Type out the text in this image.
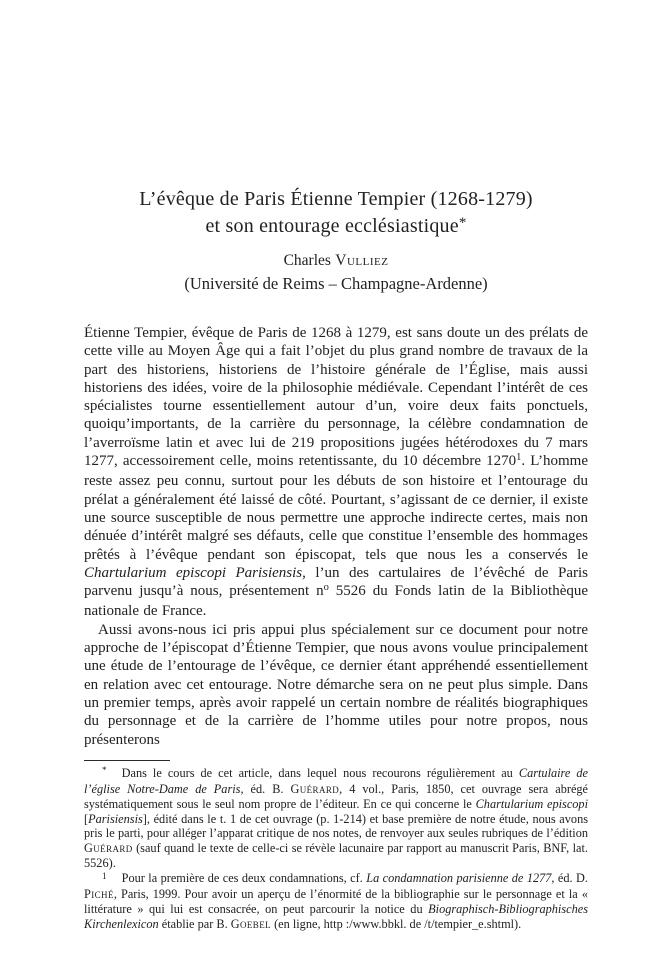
L’évêque de Paris Étienne Tempier (1268-1279)
et son entourage ecclésiastique*
Charles Vulliez
(Université de Reims – Champagne-Ardenne)

Étienne Tempier, évêque de Paris de 1268 à 1279, est sans doute un des prélats de cette ville au Moyen Âge qui a fait l’objet du plus grand nombre de travaux de la part des historiens, historiens de l’histoire générale de l’Église, mais aussi historiens des idées, voire de la philosophie médiévale. Cependant l’intérêt de ces spécialistes tourne essentiellement autour d’un, voire deux faits ponctuels, quoiqu’importants, de la carrière du personnage, la célèbre condamnation de l’averroïsme latin et avec lui de 219 propositions jugées hétérodoxes du 7 mars 1277, accessoirement celle, moins retentissante, du 10 décembre 1270$^1$. L’homme reste assez peu connu, surtout pour les débuts de son histoire et l’entourage du prélat a généralement été laissé de côté. Pourtant, s’agissant de ce dernier, il existe une source susceptible de nous permettre une approche indirecte certes, mais non dénuée d’intérêt malgré ses défauts, celle que constitue l’ensemble des hommages prêtés à l’évêque pendant son épiscopat, tels que nous les a conservés le Chartularium episcopi Parisiensis, l’un des cartulaires de l’évêché de Paris parvenu jusqu’à nous, présentement $n^o$ 5526 du Fonds latin de la Bibliothèque nationale de France.

Aussi avons-nous ici pris appui plus spécialement sur ce document pour notre approche de l’épiscopat d’Étienne Tempier, que nous avons voulue principalement une étude de l’entourage de l’évêque, ce dernier étant appréhendé essentiellement en relation avec cet entourage. Notre démarche sera on ne peut plus simple. Dans un premier temps, après avoir rappelé un certain nombre de réalités biographiques du personnage et de la carrière de l’homme utiles pour notre propos, nous présenterons

* Dans le cours de cet article, dans lequel nous recourons régulièrement au Cartulaire de l’église Notre-Dame de Paris, éd. B. Guérard, 4 vol., Paris, 1850, cet ouvrage sera abrégé systématiquement sous le seul nom propre de l’éditeur. En ce qui concerne le Chartularium episcopi [Parisiensis], édité dans le t. 1 de cet ouvrage (p. 1-214) et base première de notre étude, nous avons pris le parti, pour alléger l’apparat critique de nos notes, de renvoyer aux seules rubriques de l’édition Guérard (sauf quand le texte de celle-ci se révèle lacunaire par rapport au manuscrit Paris, BNF, lat. 5526).

$^1$ Pour la première de ces deux condamnations, cf. La condamnation parisienne de 1277, éd. D. Piché, Paris, 1999. Pour avoir un aperçu de l’énormité de la bibliographie sur le personnage et la « littérature » qui lui est consacrée, on peut parcourir la notice du Biographisch-Bibliographisches Kirchenlexicon établie par B. Goebel (en ligne, http :/www.bbkl. de /t/tempier_e.shtml).
